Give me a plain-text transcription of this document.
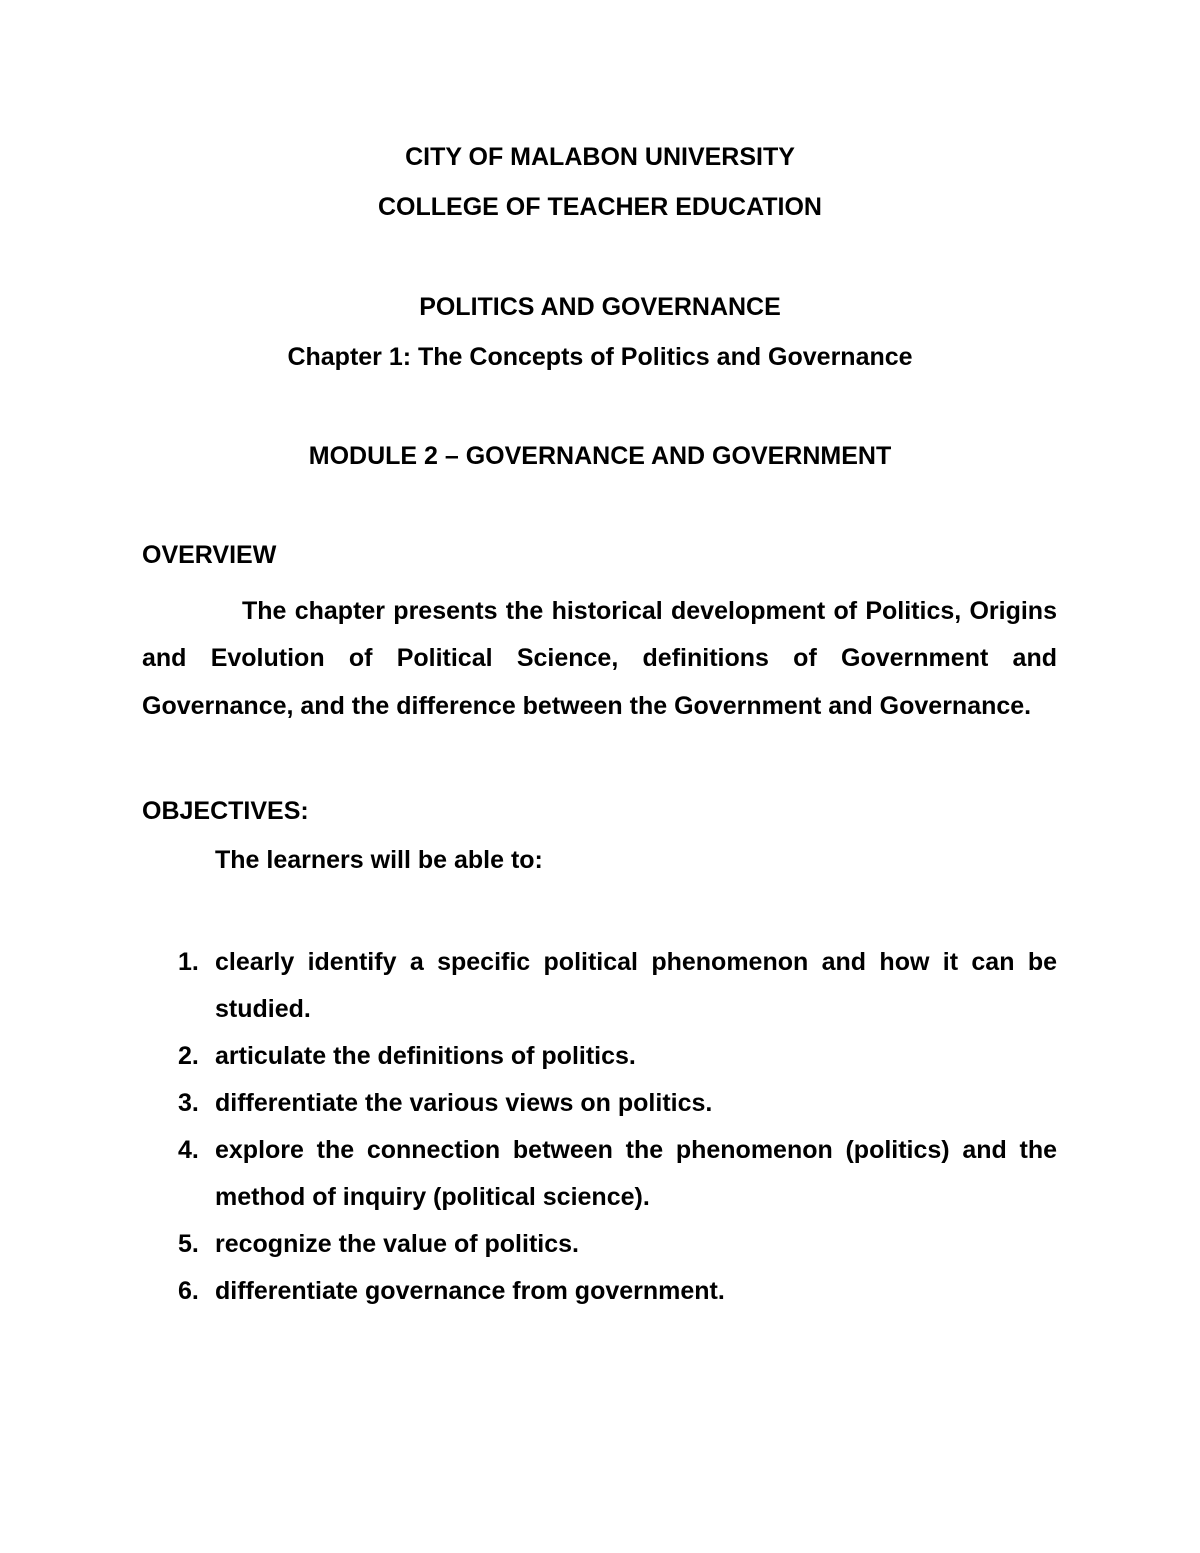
CITY OF MALABON UNIVERSITY
COLLEGE OF TEACHER EDUCATION
POLITICS AND GOVERNANCE
Chapter 1: The Concepts of Politics and Governance
MODULE 2 – GOVERNANCE AND GOVERNMENT
OVERVIEW

The chapter presents the historical development of Politics, Origins and Evolution of Political Science, definitions of Government and Governance, and the difference between the Government and Governance.

OBJECTIVES:
The learners will be able to:
1. clearly identify a specific political phenomenon and how it can be studied.
2. articulate the definitions of politics.
3. differentiate the various views on politics.
4. explore the connection between the phenomenon (politics) and the method of inquiry (political science).
5. recognize the value of politics.
6. differentiate governance from government.
